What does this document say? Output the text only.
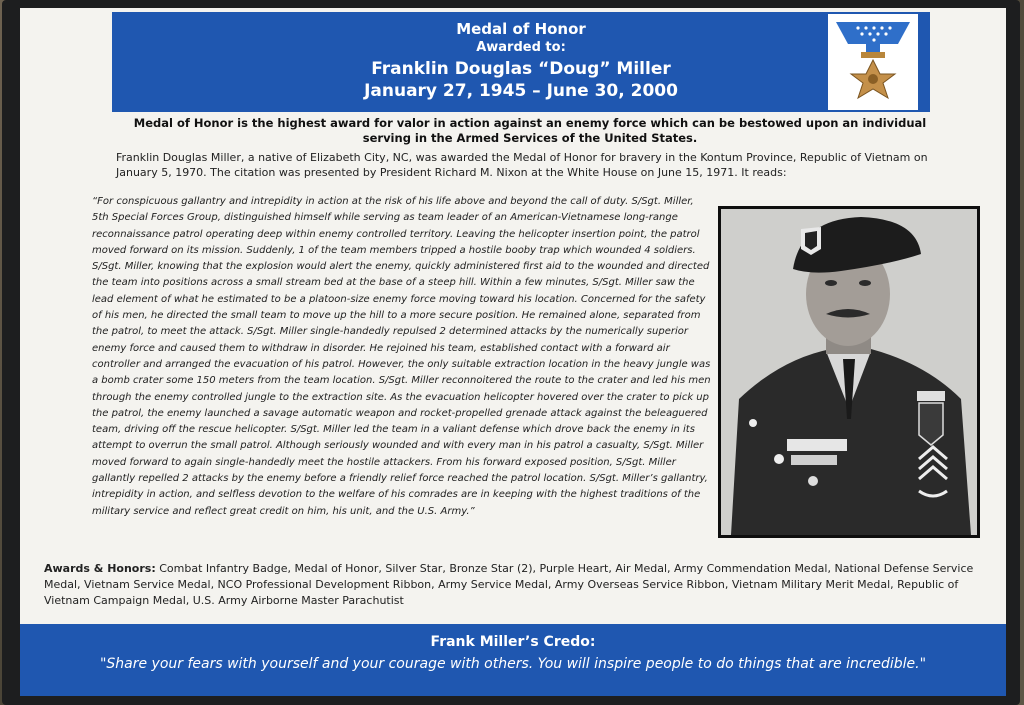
Medal of Honor
Awarded to:
Franklin Douglas “Doug” Miller
January 27, 1945 – June 30, 2000
Medal of Honor is the highest award for valor in action against an enemy force which can be bestowed upon an individual serving in the Armed Services of the United States.
Franklin Douglas Miller, a native of Elizabeth City, NC, was awarded the Medal of Honor for bravery in the Kontum Province, Republic of Vietnam on January 5, 1970. The citation was presented by President Richard M. Nixon at the White House on June 15, 1971. It reads:
“For conspicuous gallantry and intrepidity in action at the risk of his life above and beyond the call of duty. S/Sgt. Miller, 5th Special Forces Group, distinguished himself while serving as team leader of an American-Vietnamese long-range reconnaissance patrol operating deep within enemy controlled territory. Leaving the helicopter insertion point, the patrol moved forward on its mission. Suddenly, 1 of the team members tripped a hostile booby trap which wounded 4 soldiers. S/Sgt. Miller, knowing that the explosion would alert the enemy, quickly administered first aid to the wounded and directed the team into positions across a small stream bed at the base of a steep hill. Within a few minutes, S/Sgt. Miller saw the lead element of what he estimated to be a platoon-size enemy force moving toward his location. Concerned for the safety of his men, he directed the small team to move up the hill to a more secure position. He remained alone, separated from the patrol, to meet the attack. S/Sgt. Miller single-handedly repulsed 2 determined attacks by the numerically superior enemy force and caused them to withdraw in disorder. He rejoined his team, established contact with a forward air controller and arranged the evacuation of his patrol. However, the only suitable extraction location in the heavy jungle was a bomb crater some 150 meters from the team location. S/Sgt. Miller reconnoitered the route to the crater and led his men through the enemy controlled jungle to the extraction site. As the evacuation helicopter hovered over the crater to pick up the patrol, the enemy launched a savage automatic weapon and rocket-propelled grenade attack against the beleaguered team, driving off the rescue helicopter. S/Sgt. Miller led the team in a valiant defense which drove back the enemy in its attempt to overrun the small patrol. Although seriously wounded and with every man in his patrol a casualty, S/Sgt. Miller moved forward to again single-handedly meet the hostile attackers. From his forward exposed position, S/Sgt. Miller gallantly repelled 2 attacks by the enemy before a friendly relief force reached the patrol location. S/Sgt. Miller’s gallantry, intrepidity in action, and selfless devotion to the welfare of his comrades are in keeping with the highest traditions of the military service and reflect great credit on him, his unit, and the U.S. Army.”
Awards & Honors: Combat Infantry Badge, Medal of Honor, Silver Star, Bronze Star (2), Purple Heart, Air Medal, Army Commendation Medal, National Defense Service Medal, Vietnam Service Medal, NCO Professional Development Ribbon, Army Service Medal, Army Overseas Service Ribbon, Vietnam Military Merit Medal, Republic of Vietnam Campaign Medal, U.S. Army Airborne Master Parachutist
Frank Miller’s Credo:
"Share your fears with yourself and your courage with others. You will inspire people to do things that are incredible."
